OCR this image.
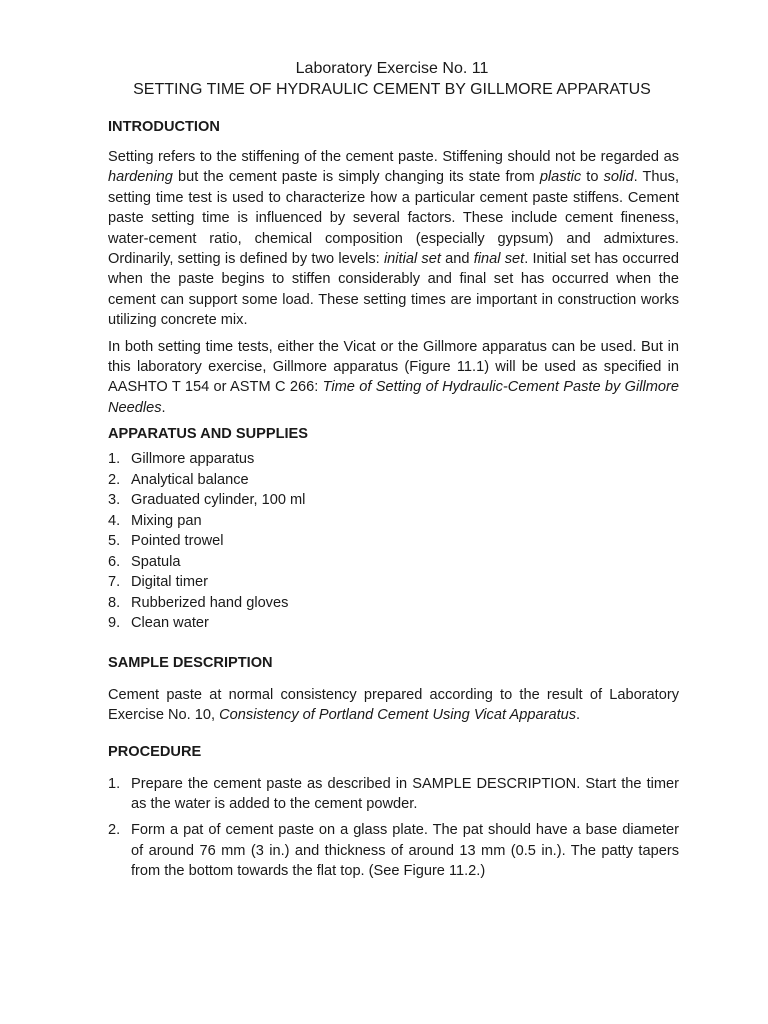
Laboratory Exercise No. 11
SETTING TIME OF HYDRAULIC CEMENT BY GILLMORE APPARATUS
INTRODUCTION

Setting refers to the stiffening of the cement paste. Stiffening should not be regarded as hardening but the cement paste is simply changing its state from plastic to solid. Thus, setting time test is used to characterize how a particular cement paste stiffens. Cement paste setting time is influenced by several factors. These include cement fineness, water-cement ratio, chemical composition (especially gypsum) and admixtures. Ordinarily, setting is defined by two levels: initial set and final set. Initial set has occurred when the paste begins to stiffen considerably and final set has occurred when the cement can support some load. These setting times are important in construction works utilizing concrete mix.

In both setting time tests, either the Vicat or the Gillmore apparatus can be used. But in this laboratory exercise, Gillmore apparatus (Figure 11.1) will be used as specified in AASHTO T 154 or ASTM C 266: Time of Setting of Hydraulic-Cement Paste by Gillmore Needles.

APPARATUS AND SUPPLIES
1. Gillmore apparatus
2. Analytical balance
3. Graduated cylinder, 100 ml
4. Mixing pan
5. Pointed trowel
6. Spatula
7. Digital timer
8. Rubberized hand gloves
9. Clean water
SAMPLE DESCRIPTION

Cement paste at normal consistency prepared according to the result of Laboratory Exercise No. 10, Consistency of Portland Cement Using Vicat Apparatus.

PROCEDURE
1. Prepare the cement paste as described in SAMPLE DESCRIPTION. Start the timer as the water is added to the cement powder.
2. Form a pat of cement paste on a glass plate. The pat should have a base diameter of around 76 mm (3 in.) and thickness of around 13 mm (0.5 in.). The patty tapers from the bottom towards the flat top. (See Figure 11.2.)
